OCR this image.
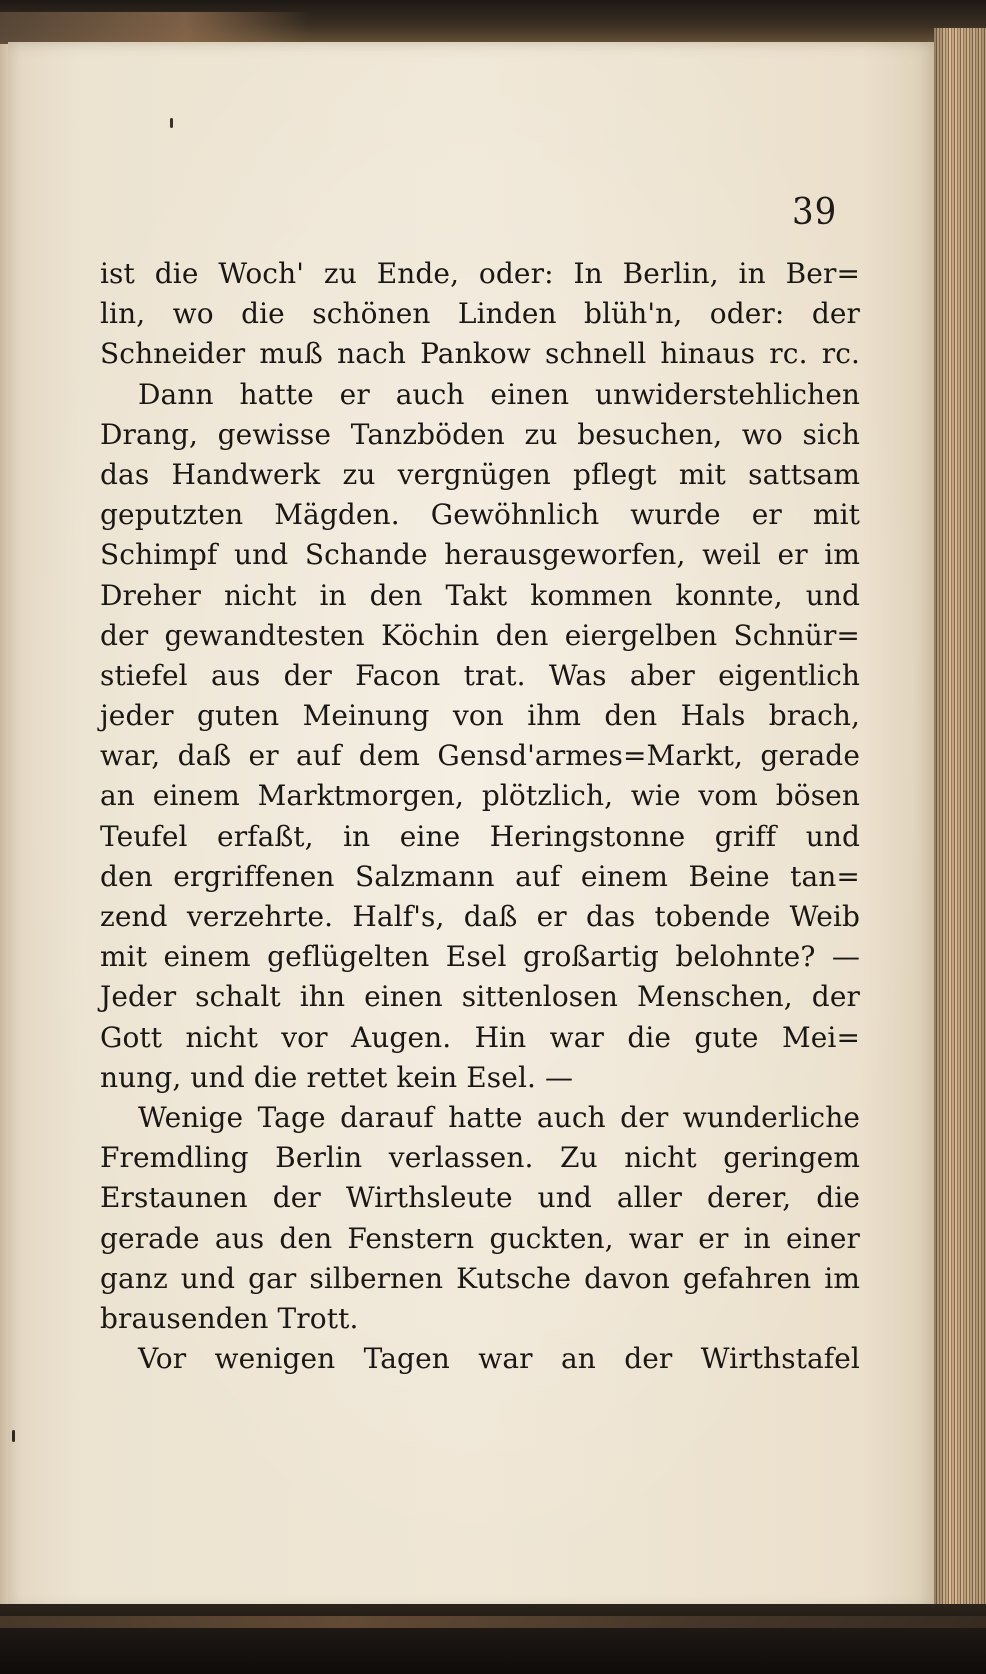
39
ist die Woch' zu Ende, oder: In Berlin, in Ber=
lin, wo die schönen Linden blüh'n, oder: der
Schneider muß nach Pankow schnell hinaus rc. rc.
Dann hatte er auch einen unwiderstehlichen
Drang, gewisse Tanzböden zu besuchen, wo sich
das Handwerk zu vergnügen pflegt mit sattsam
geputzten Mägden. Gewöhnlich wurde er mit
Schimpf und Schande herausgeworfen, weil er im
Dreher nicht in den Takt kommen konnte, und
der gewandtesten Köchin den eiergelben Schnür=
stiefel aus der Facon trat. Was aber eigentlich
jeder guten Meinung von ihm den Hals brach,
war, daß er auf dem Gensd'armes=Markt, gerade
an einem Marktmorgen, plötzlich, wie vom bösen
Teufel erfaßt, in eine Heringstonne griff und
den ergriffenen Salzmann auf einem Beine tan=
zend verzehrte. Half's, daß er das tobende Weib
mit einem geflügelten Esel großartig belohnte? —
Jeder schalt ihn einen sittenlosen Menschen, der
Gott nicht vor Augen. Hin war die gute Mei=
nung, und die rettet kein Esel. —
Wenige Tage darauf hatte auch der wunderliche
Fremdling Berlin verlassen. Zu nicht geringem
Erstaunen der Wirthsleute und aller derer, die
gerade aus den Fenstern guckten, war er in einer
ganz und gar silbernen Kutsche davon gefahren im
brausenden Trott.
Vor wenigen Tagen war an der Wirthstafel
